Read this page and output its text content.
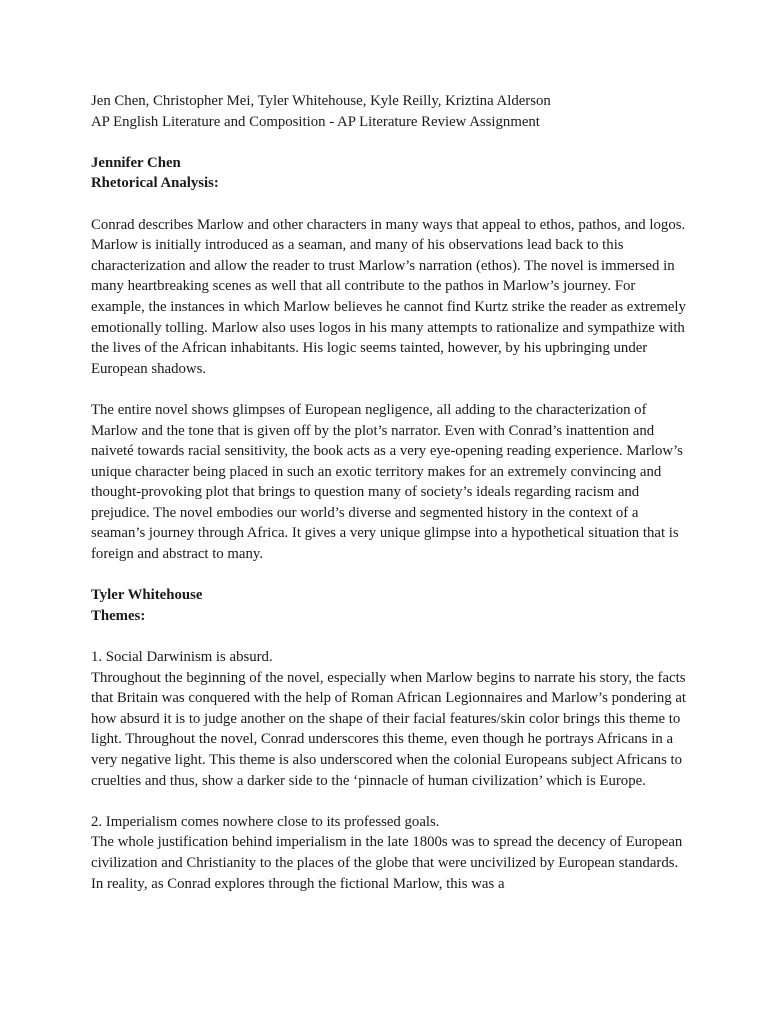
Jen Chen, Christopher Mei, Tyler Whitehouse, Kyle Reilly, Kriztina Alderson

AP English Literature and Composition - AP Literature Review Assignment

Jennifer Chen

Rhetorical Analysis:

Conrad describes Marlow and other characters in many ways that appeal to ethos, pathos, and logos. Marlow is initially introduced as a seaman, and many of his observations lead back to this characterization and allow the reader to trust Marlow’s narration (ethos). The novel is immersed in many heartbreaking scenes as well that all contribute to the pathos in Marlow’s journey. For example, the instances in which Marlow believes he cannot find Kurtz strike the reader as extremely emotionally tolling. Marlow also uses logos in his many attempts to rationalize and sympathize with the lives of the African inhabitants. His logic seems tainted, however, by his upbringing under European shadows.

The entire novel shows glimpses of European negligence, all adding to the characterization of Marlow and the tone that is given off by the plot’s narrator. Even with Conrad’s inattention and naiveté towards racial sensitivity, the book acts as a very eye-opening reading experience. Marlow’s unique character being placed in such an exotic territory makes for an extremely convincing and thought-provoking plot that brings to question many of society’s ideals regarding racism and prejudice. The novel embodies our world’s diverse and segmented history in the context of a seaman’s journey through Africa. It gives a very unique glimpse into a hypothetical situation that is foreign and abstract to many.

Tyler Whitehouse

Themes:

1. Social Darwinism is absurd.

Throughout the beginning of the novel, especially when Marlow begins to narrate his story, the facts that Britain was conquered with the help of Roman African Legionnaires and Marlow’s pondering at how absurd it is to judge another on the shape of their facial features/skin color brings this theme to light. Throughout the novel, Conrad underscores this theme, even though he portrays Africans in a very negative light. This theme is also underscored when the colonial Europeans subject Africans to cruelties and thus, show a darker side to the ‘pinnacle of human civilization’ which is Europe.

2. Imperialism comes nowhere close to its professed goals.

The whole justification behind imperialism in the late 1800s was to spread the decency of European civilization and Christianity to the places of the globe that were uncivilized by European standards. In reality, as Conrad explores through the fictional Marlow, this was a
